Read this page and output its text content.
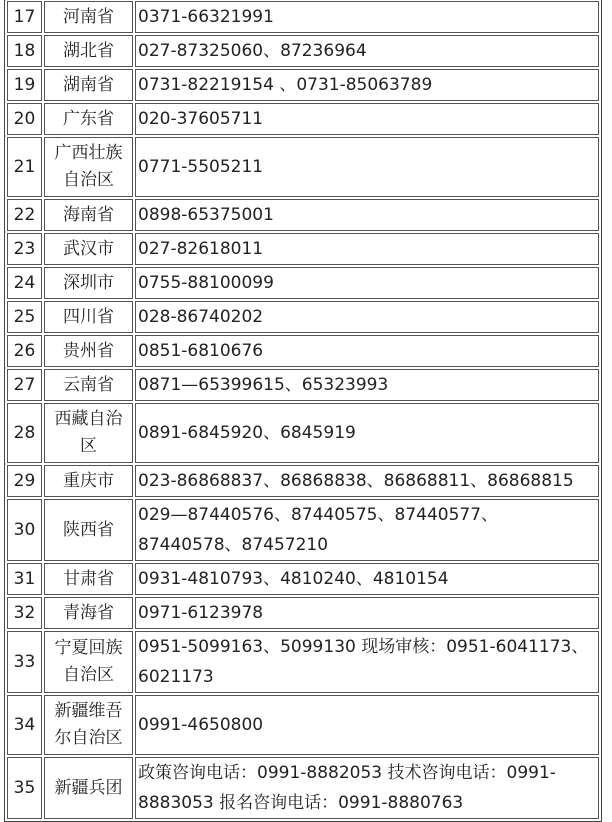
17	河南省	0371-66321991
18	湖北省	027-87325060、87236964
19	湖南省	0731-82219154 、0731-85063789
20	广东省	020-37605711
21	广西壮族自治区	0771-5505211
22	海南省	0898-65375001
23	武汉市	027-82618011
24	深圳市	0755-88100099
25	四川省	028-86740202
26	贵州省	0851-6810676
27	云南省	0871—65399615、65323993
28	西藏自治区	0891-6845920、6845919
29	重庆市	023-86868837、86868838、86868811、86868815
30	陕西省	029—87440576、87440575、87440577、87440578、87457210
31	甘肃省	0931-4810793、4810240、4810154
32	青海省	0971-6123978
33	宁夏回族自治区	0951-5099163、5099130 现场审核：0951-6041173、6021173
34	新疆维吾尔自治区	0991-4650800
35	新疆兵团	政策咨询电话：0991-8882053 技术咨询电话：0991-8883053 报名咨询电话：0991-8880763
